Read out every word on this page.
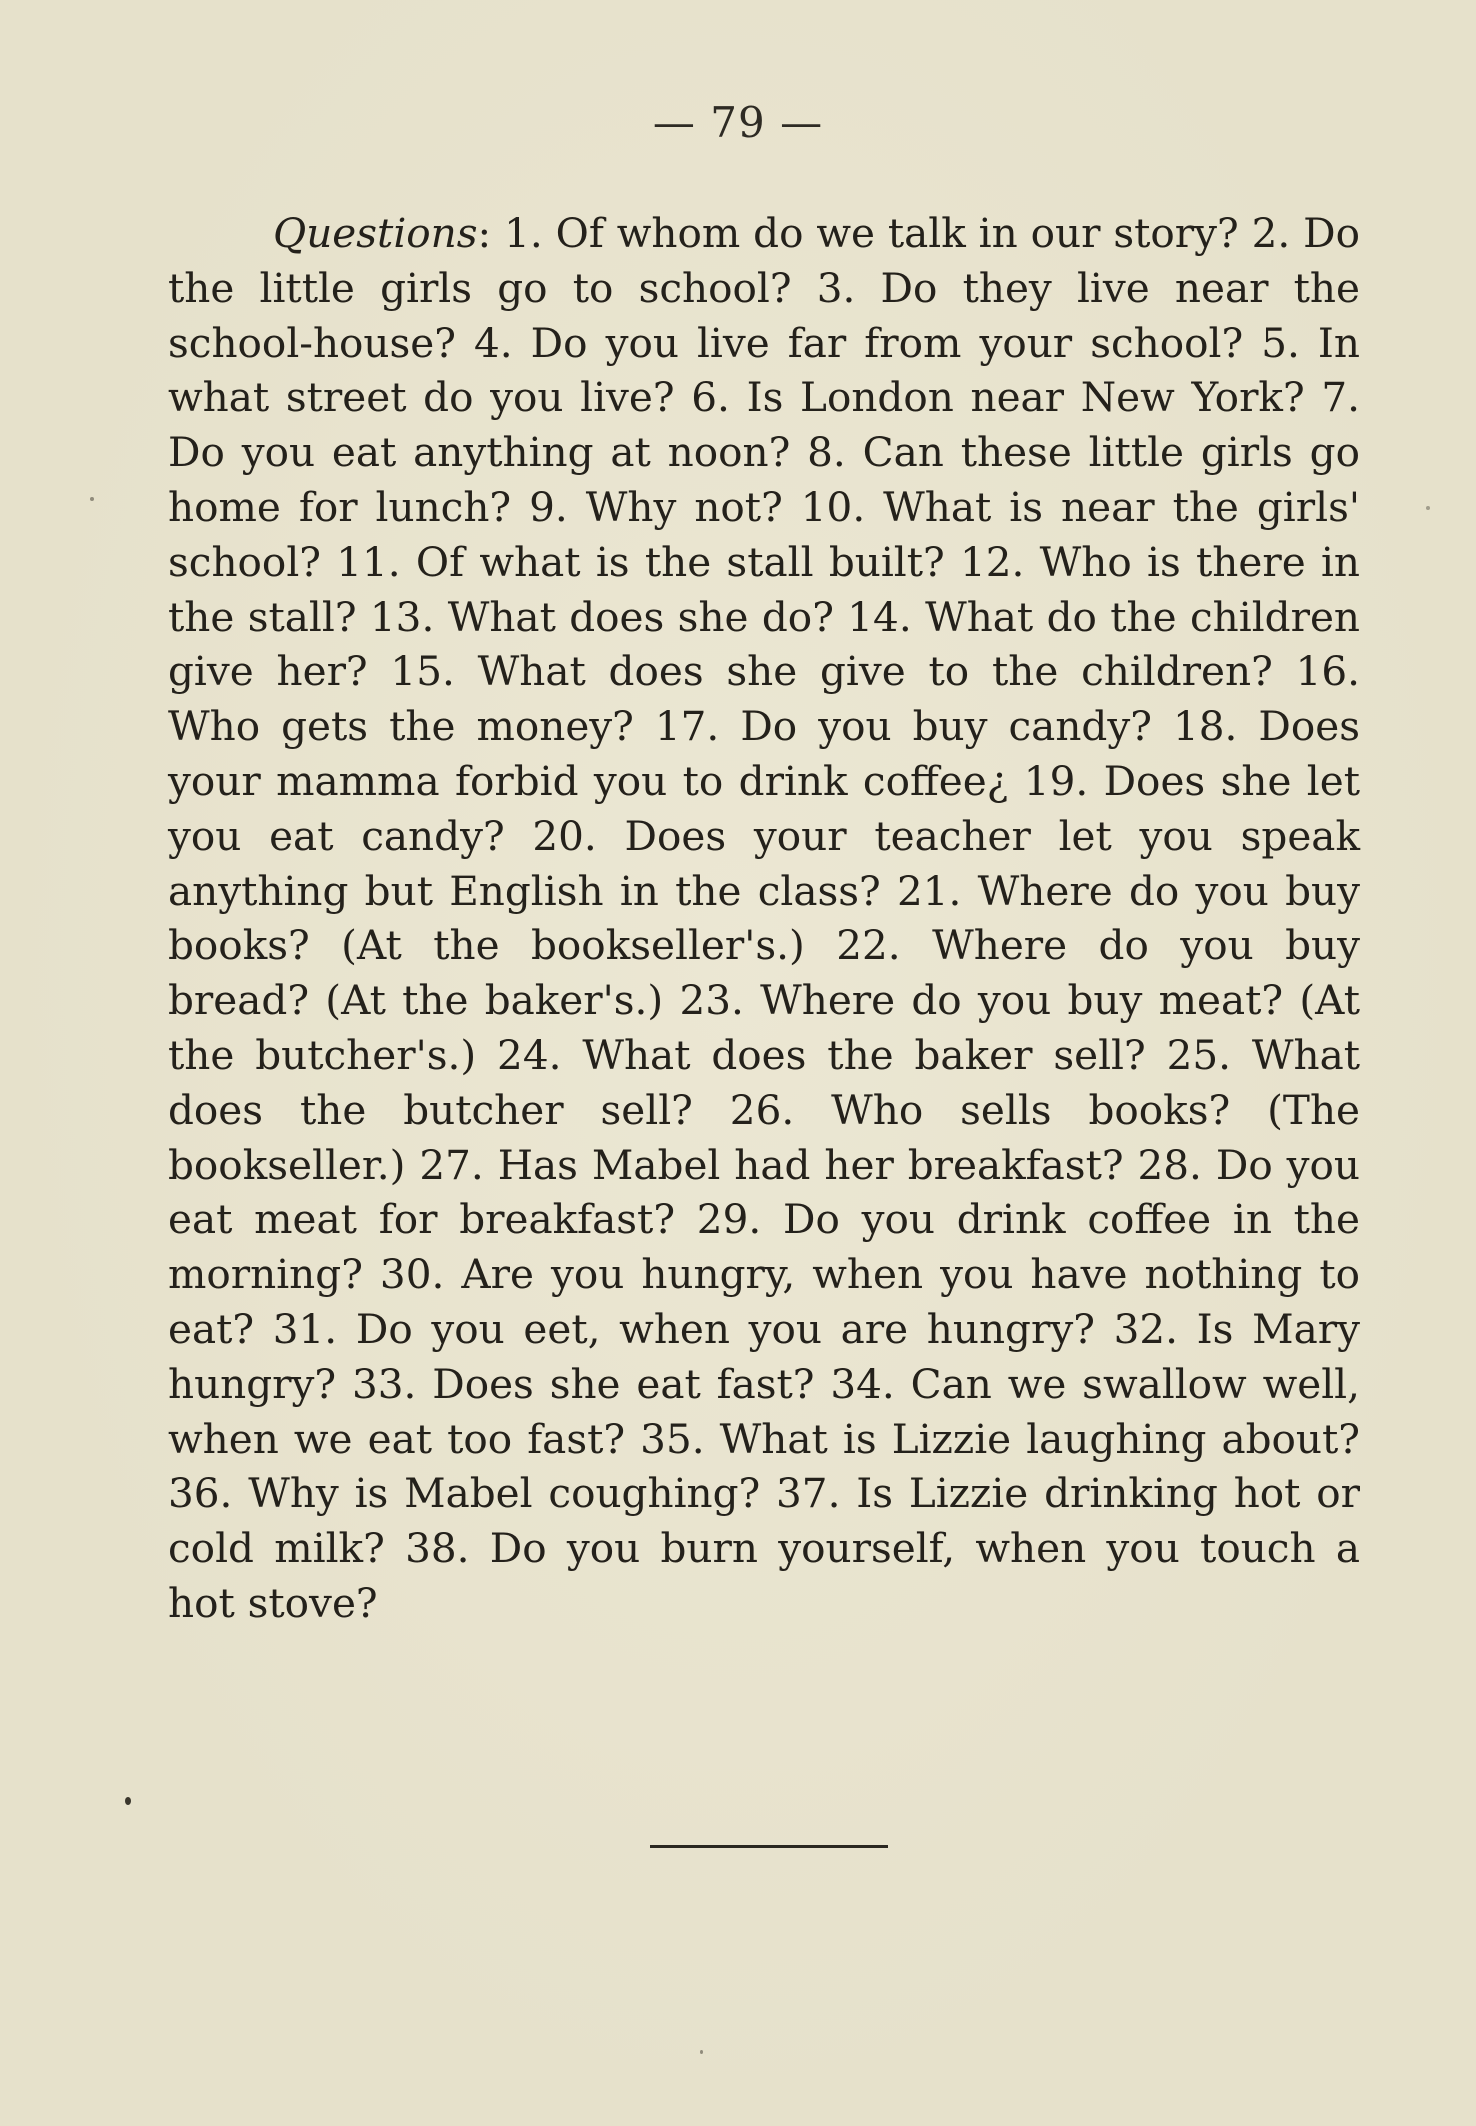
— 79 —

Questions: 1. Of whom do we talk in our story? 2. Do the little girls go to school? 3. Do they live near the school-house? 4. Do you live far from your school? 5. In what street do you live? 6. Is London near New York? 7. Do you eat anything at noon? 8. Can these little girls go home for lunch? 9. Why not? 10. What is near the girls' school? 11. Of what is the stall built? 12. Who is there in the stall? 13. What does she do? 14. What do the children give her? 15. What does she give to the children? 16. Who gets the money? 17. Do you buy candy? 18. Does your mamma forbid you to drink coffee¿ 19. Does she let you eat candy? 20. Does your teacher let you speak anything but English in the class? 21. Where do you buy books? (At the bookseller's.) 22. Where do you buy bread? (At the baker's.) 23. Where do you buy meat? (At the butcher's.) 24. What does the baker sell? 25. What does the butcher sell? 26. Who sells books? (The bookseller.) 27. Has Mabel had her breakfast? 28. Do you eat meat for breakfast? 29. Do you drink coffee in the morning? 30. Are you hungry, when you have nothing to eat? 31. Do you eet, when you are hungry? 32. Is Mary hungry? 33. Does she eat fast? 34. Can we swallow well, when we eat too fast? 35. What is Lizzie laughing about? 36. Why is Mabel coughing? 37. Is Lizzie drinking hot or cold milk? 38. Do you burn yourself, when you touch a hot stove?
